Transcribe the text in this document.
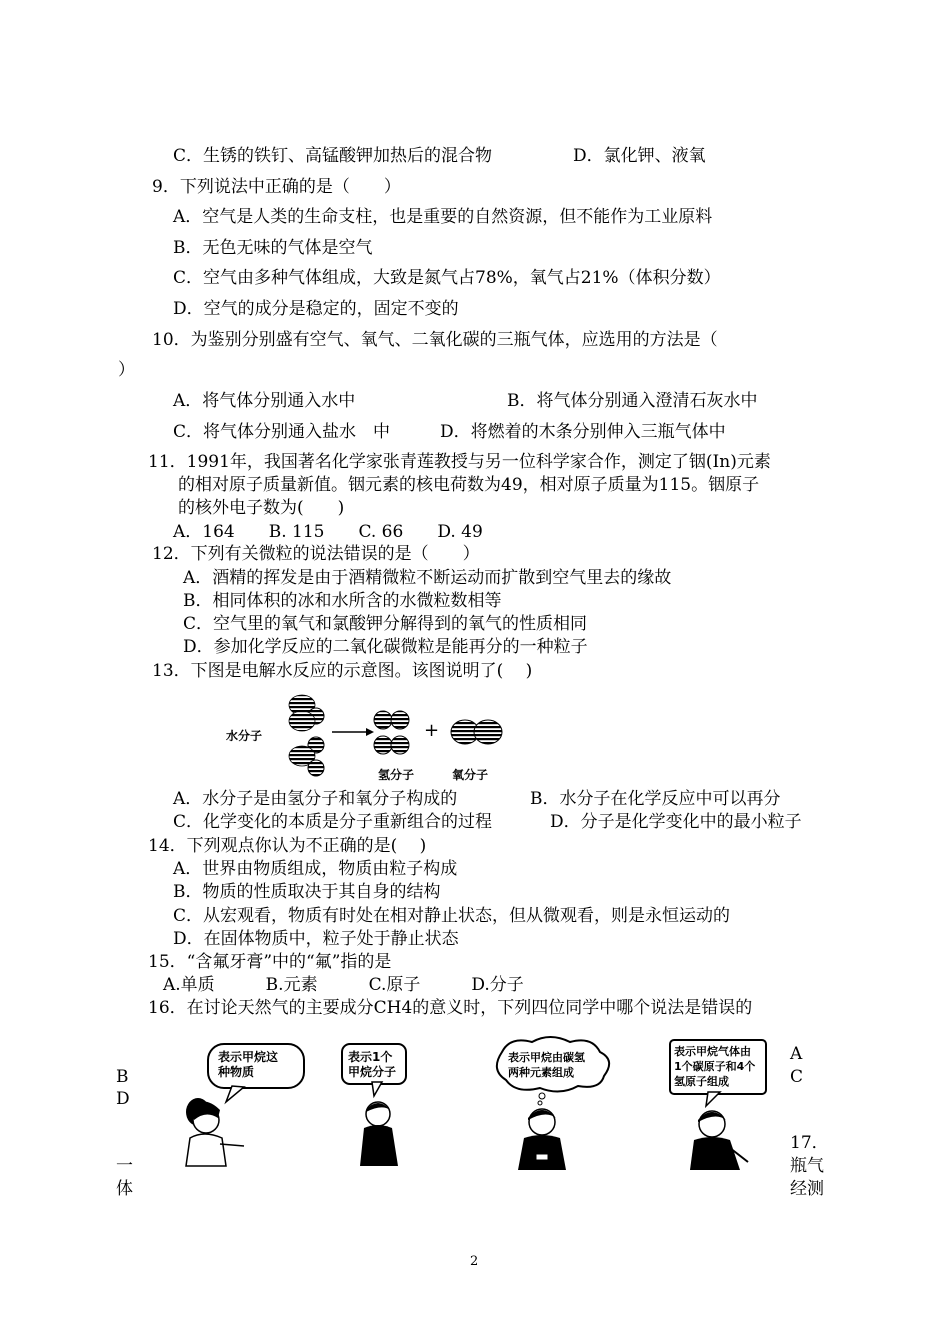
C．生锈的铁钉、高锰酸钾加热后的混合物	D．氯化钾、液氧
9．下列说法中正确的是（　　）
A．空气是人类的生命支柱，也是重要的自然资源，但不能作为工业原料
B．无色无味的气体是空气
C．空气由多种气体组成，大致是氮气占78%，氧气占21%（体积分数）
D．空气的成分是稳定的，固定不变的
10．为鉴别分别盛有空气、氧气、二氧化碳的三瓶气体，应选用的方法是（
）
A．将气体分别通入水中	B．将气体分别通入澄清石灰水中
C．将气体分别通入盐水　中	D．将燃着的木条分别伸入三瓶气体中
11．1991年，我国著名化学家张青莲教授与另一位科学家合作，测定了铟(In)元素
的相对原子质量新值。铟元素的核电荷数为49，相对原子质量为115。铟原子
的核外电子数为(　　)
A．164　　B. 115　　C. 66　　D. 49
12．下列有关微粒的说法错误的是（　　）
A．酒精的挥发是由于酒精微粒不断运动而扩散到空气里去的缘故
B．相同体积的冰和水所含的水微粒数相等
C．空气里的氧气和氯酸钾分解得到的氧气的性质相同
D．参加化学反应的二氧化碳微粒是能再分的一种粒子
13．下图是电解水反应的示意图。该图说明了(　 )
水分子	+
氢分子	氧分子
A．水分子是由氢分子和氧分子构成的	B．水分子在化学反应中可以再分
C．化学变化的本质是分子重新组合的过程	D．分子是化学变化中的最小粒子
14．下列观点你认为不正确的是(　 )
A．世界由物质组成，物质由粒子构成
B．物质的性质取决于其自身的结构
C．从宏观看，物质有时处在相对静止状态，但从微观看，则是永恒运动的
D．在固体物质中，粒子处于静止状态
15．“含氟牙膏”中的“氟”指的是
A.单质　　　B.元素　　　C.原子　　　D.分子
16．在讨论天然气的主要成分CH4的意义时，下列四位同学中哪个说法是错误的
表示甲烷这
种物质
表示1个
甲烷分子
表示甲烷由碳氢
两种元素组成
表示甲烷气体由
1个碳原子和4个
氢原子组成
B
D
一
体
A
C
17．
瓶气
经测
2
